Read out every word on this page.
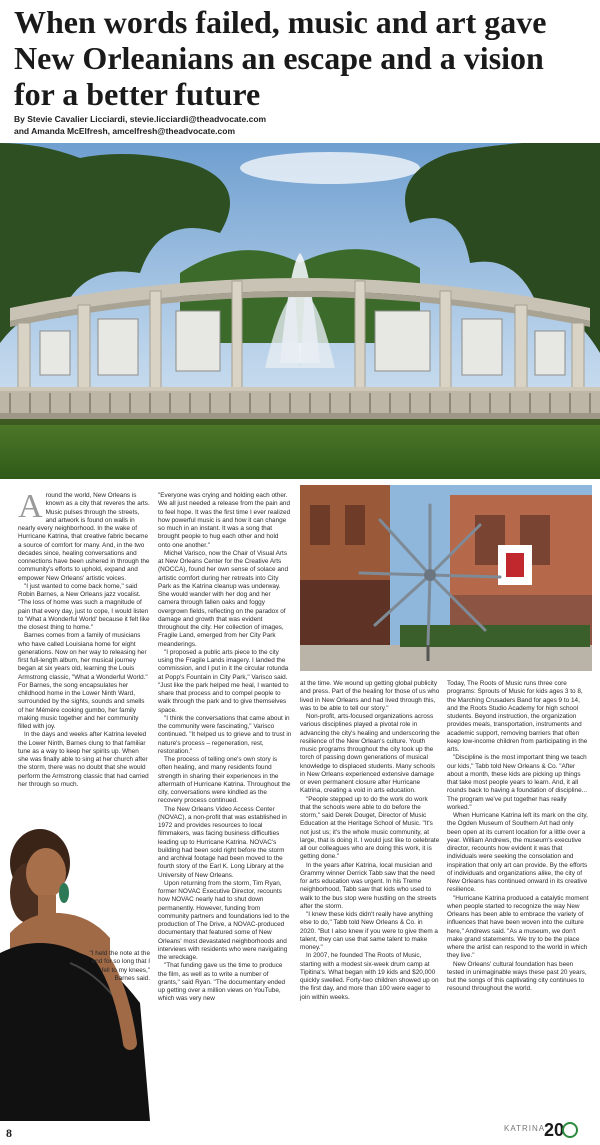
When words failed, music and art gave New Orleanians an escape and a vision for a better future
By Stevie Cavalier Licciardi, stevie.licciardi@theadvocate.com
and Amanda McElfresh, amcelfresh@theadvocate.com

Around the world, New Orleans is known as a city that reveres the arts. Music pulses through the streets, and artwork is found on walls in nearly every neighborhood. In the wake of Hurricane Katrina, that creative fabric became a source of comfort for many. And, in the two decades since, healing conversations and connections have been ushered in through the community's efforts to uphold, expand and empower New Orleans' artistic voices.

"I just wanted to come back home," said Robin Barnes, a New Orleans jazz vocalist. "The loss of home was such a magnitude of pain that every day, just to cope, I would listen to 'What a Wonderful World' because it felt like the closest thing to home."

Barnes comes from a family of musicians who have called Louisiana home for eight generations. Now on her way to releasing her first full-length album, her musical journey began at six years old, learning the Louis Armstrong classic, "What a Wonderful World." For Barnes, the song encapsulates her childhood home in the Lower Ninth Ward, surrounded by the sights, sounds and smells of her Mémère cooking gumbo, her family making music together and her community filled with joy.

In the days and weeks after Katrina leveled the Lower Ninth, Barnes clung to that familiar tune as a way to keep her spirits up. When she was finally able to sing at her church after the storm, there was no doubt that she would perform the Armstrong classic that had carried her through so much.

"I held the note at the end for so long that I fell to my knees," Barnes said.

"Everyone was crying and holding each other. We all just needed a release from the pain and to feel hope. It was the first time I ever realized how powerful music is and how it can change so much in an instant. It was a song that brought people to hug each other and hold onto one another."

Michel Varisco, now the Chair of Visual Arts at New Orleans Center for the Creative Arts (NOCCA), found her own sense of solace and artistic comfort during her retreats into City Park as the Katrina cleanup was underway. She would wander with her dog and her camera through fallen oaks and foggy overgrown fields, reflecting on the paradox of damage and growth that was evident throughout the city. Her collection of images, Fragile Land, emerged from her City Park meanderings.

"I proposed a public arts piece to the city using the Fragile Lands imagery. I landed the commission, and I put in it the circular rotunda at Popp's Fountain in City Park," Varisco said. "Just like the park helped me heal, I wanted to share that process and to compel people to walk through the park and to give themselves space.

"I think the conversations that came about in the community were fascinating," Varisco continued. "It helped us to grieve and to trust in nature's process – regeneration, rest, restoration."

The process of telling one's own story is often healing, and many residents found strength in sharing their experiences in the aftermath of Hurricane Katrina. Throughout the city, conversations were kindled as the recovery process continued.

The New Orleans Video Access Center (NOVAC), a non-profit that was established in 1972 and provides resources to local filmmakers, was facing business difficulties leading up to Hurricane Katrina. NOVAC's building had been sold right before the storm and archival footage had been moved to the fourth story of the Earl K. Long Library at the University of New Orleans.

Upon returning from the storm, Tim Ryan, former NOVAC Executive Director, recounts how NOVAC nearly had to shut down permanently. However, funding from community partners and foundations led to the production of The Drive, a NOVAC-produced documentary that featured some of New Orleans' most devastated neighborhoods and interviews with residents who were navigating the wreckage.

"That funding gave us the time to produce the film, as well as to write a number of grants," said Ryan. "The documentary ended up getting over a million views on YouTube, which was very new

at the time. We wound up getting global publicity and press. Part of the healing for those of us who lived in New Orleans and had lived through this, was to be able to tell our story."

Non-profit, arts-focused organizations across various disciplines played a pivotal role in advancing the city's healing and underscoring the resilience of the New Orlean's culture. Youth music programs throughout the city took up the torch of passing down generations of musical knowledge to displaced students. Many schools in New Orleans experienced extensive damage or even permanent closure after Hurricane Katrina, creating a void in arts education.

"People stepped up to do the work do work that the schools were able to do before the storm," said Derek Douget, Director of Music Education at the Heritage School of Music. "It's not just us; it's the whole music community, at large, that is doing it. I would just like to celebrate all our colleagues who are doing this work, it is getting done."

In the years after Katrina, local musician and Grammy winner Derrick Tabb saw that the need for arts education was urgent. In his Treme neighborhood, Tabb saw that kids who used to walk to the bus stop were hustling on the streets after the storm.

"I knew these kids didn't really have anything else to do," Tabb told New Orleans & Co. in 2020. "But I also knew if you were to give them a talent, they can use that same talent to make money."

In 2007, he founded The Roots of Music, starting with a modest six-week drum camp at Tipitina's. What began with 19 kids and $20,000 quickly swelled. Forty-two children showed up on the first day, and more than 100 were eager to join within weeks.

Today, The Roots of Music runs three core programs: Sprouts of Music for kids ages 3 to 8, the Marching Crusaders Band for ages 9 to 14, and the Roots Studio Academy for high school students. Beyond instruction, the organization provides meals, transportation, instruments and academic support, removing barriers that often keep low-income children from participating in the arts.

"Discipline is the most important thing we teach our kids," Tabb told New Orleans & Co. "After about a month, these kids are picking up things that take most people years to learn. And, it all rounds back to having a foundation of discipline... The program we've put together has really worked."

When Hurricane Katrina left its mark on the city, the Ogden Museum of Southern Art had only been open at its current location for a little over a year. William Andrews, the museum's executive director, recounts how evident it was that individuals were seeking the consolation and inspiration that only art can provide. By the efforts of individuals and organizations alike, the city of New Orleans has continued onward in its creative resilience.

"Hurricane Katrina produced a catalytic moment when people started to recognize the way New Orleans has been able to embrace the variety of influences that have been woven into the culture here," Andrews said. "As a museum, we don't make grand statements. We try to be the place where the artist can respond to the world in which they live."

New Orleans' cultural foundation has been tested in unimaginable ways these past 20 years, but the songs of this captivating city continues to resound throughout the world.

8	KATRINA
20
